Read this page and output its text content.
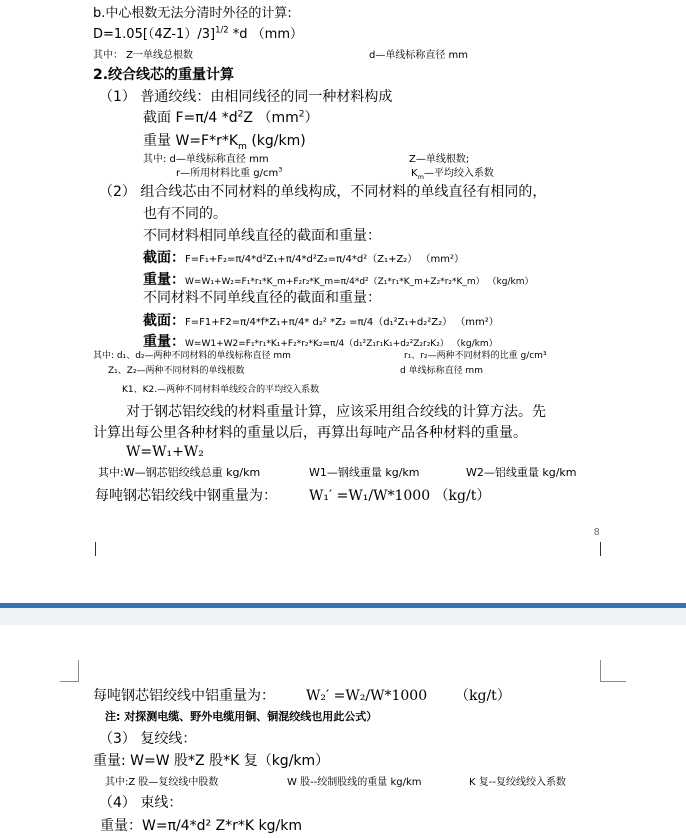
b.中心根数无法分清时外径的计算:
$D=1.05[(4Z-1)/3]^{1/2}$ *d （mm）
其中： Z一单线总根数	d—单线标称直径 mm
2.绞合线芯的重量计算
（1） 普通绞线：由相同线径的同一种材料构成
截面 F=π/4 $*d^2Z$ $(mm^2)$
重量 $W=F*r*K_m$ (kg/km)
其中: d—单线标称直径 mm	Z—单线根数;
r—所用材料比重 $g/cm^3$	$K_m—$平均绞入系数
（2） 组合线芯由不同材料的单线构成，不同材料的单线直径有相同的，
也有不同的。
不同材料相同单线直径的截面和重量：
截面：F=F₁+F₂=π/4*d²Z₁+π/4*d²Z₂=π/4*d²（Z₁+Z₂） （mm²）
重量：W=W₁+W₂=F₁*r₁*K_m+F₂r₂*K_m=π/4*d²（Z₁*r₁*K_m+Z₂*r₂*K_m） （kg/km）
不同材料不同单线直径的截面和重量：
截面：F=F1+F2=π/4*f*Z₁+π/4* d₂² *Z₂ =π/4（d₁²Z₁+d₂²Z₂） （mm²）
重量：W=W1+W2=F₁*r₁*K₁+F₂*r₂*K₂=π/4（d₁²Z₁r₁K₁+d₂²Z₂r₂K₂） （kg/km）
其中: d₁、d₂—两种不同材料的单线标称直径 mm	r₁、r₂—两种不同材料的比重 g/cm³
Z₁、Z₂—两种不同材料的单线根数	d 单线标称直径 mm
K1、K2.—两种不同材料单线绞合的平均绞入系数
对于钢芯铝绞线的材料重量计算，应该采用组合绞线的计算方法。先
计算出每公里各种材料的重量以后，再算出每吨产品各种材料的重量。
W=W₁+W₂
其中:W—钢芯铝绞线总重 kg/km	W1—钢线重量 kg/km	W2—铝线重量 kg/km
每吨钢芯铝绞线中钢重量为： W₁′ =W₁/W*1000 （kg/t）
8
每吨钢芯铝绞线中铝重量为： W₂′ =W₂/W*1000 （kg/t）
注: 对探测电缆、野外电缆用铜、铜混绞线也用此公式）
（3） 复绞线：
重量: W=W 股*Z 股*K 复（kg/km）
其中:Z 股—复绞线中股数	W 股--绞制股线的重量 kg/km	K 复--复绞线绞入系数
（4） 束线：
重量：W=π/4*d² Z*r*K kg/km
